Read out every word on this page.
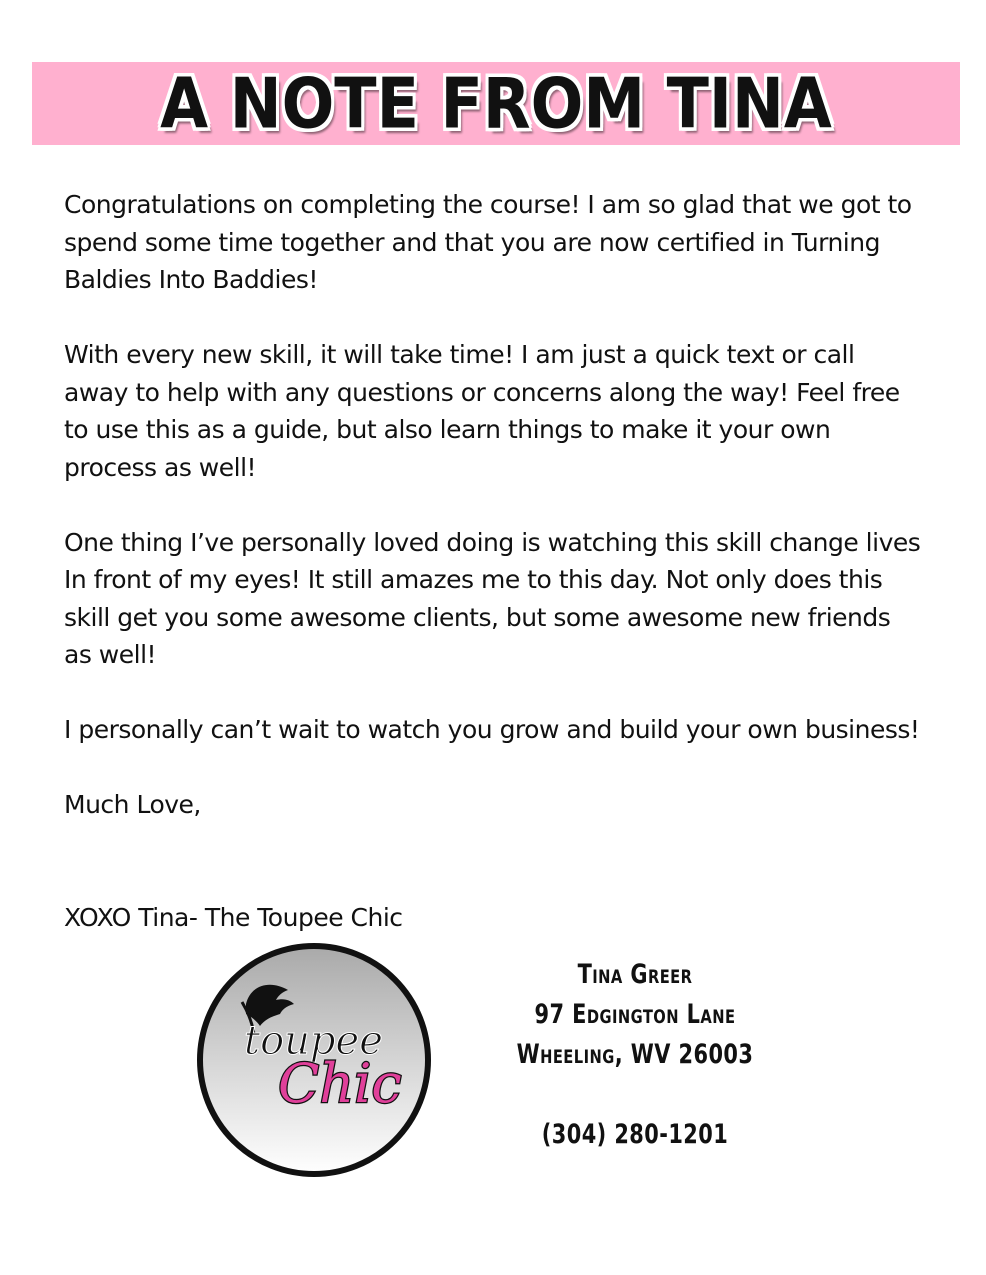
A NOTE FROM TINA

Congratulations on completing the course! I am so glad that we got to spend some time together and that you are now certified in Turning Baldies Into Baddies!

With every new skill, it will take time! I am just a quick text or call away to help with any questions or concerns along the way! Feel free to use this as a guide, but also learn things to make it your own process as well!

One thing I’ve personally loved doing is watching this skill change lives In front of my eyes! It still amazes me to this day. Not only does this skill get you some awesome clients, but some awesome new friends as well!

I personally can’t wait to watch you grow and build your own business!

Much Love,

XOXO Tina- The Toupee Chic

toupee
Chic
Tina Greer
97 Edgington Lane
Wheeling, WV 26003
(304) 280-1201
